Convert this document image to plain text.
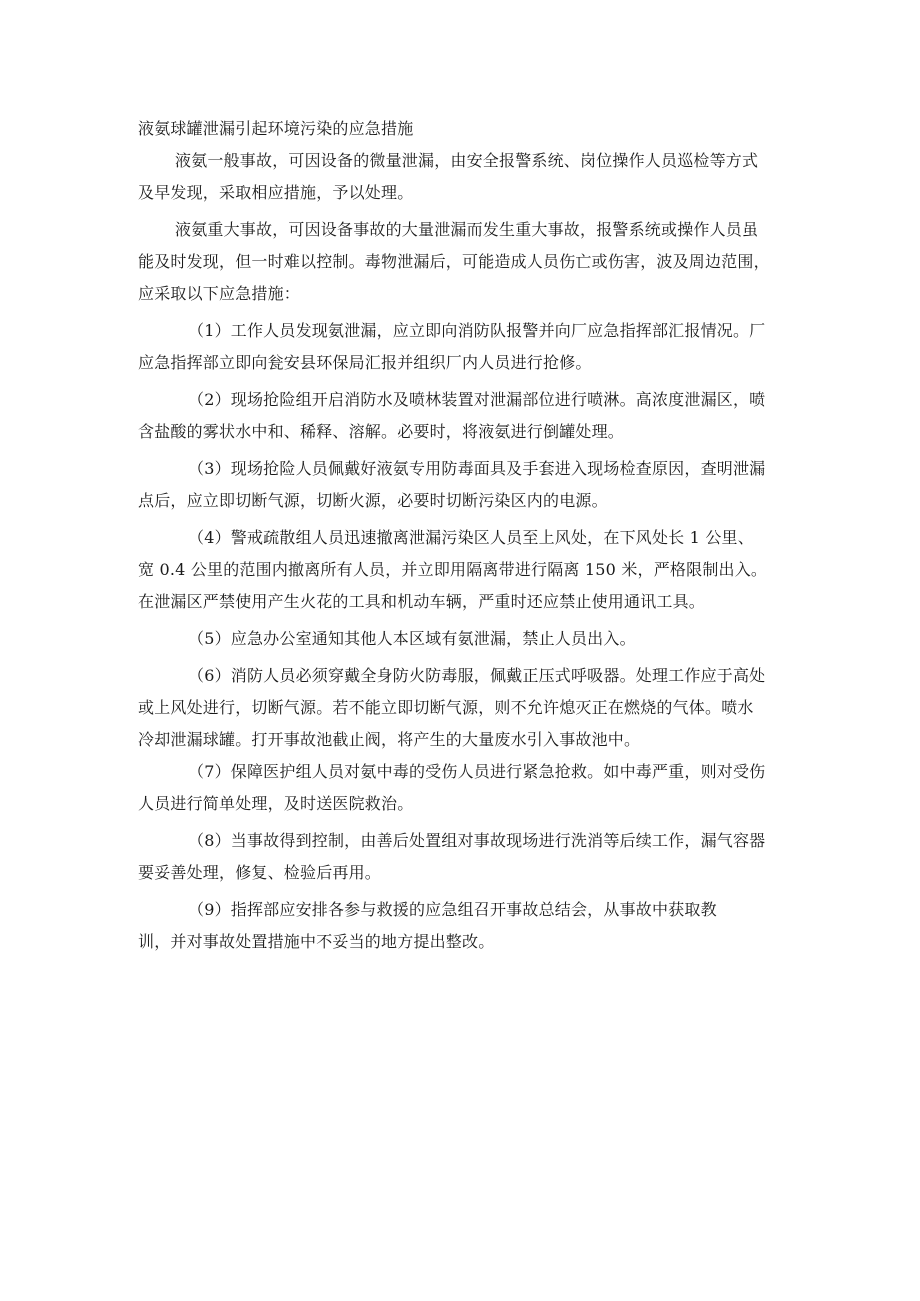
液氨球罐泄漏引起环境污染的应急措施
液氨一般事故，可因设备的微量泄漏，由安全报警系统、岗位操作人员巡检等方式
及早发现，采取相应措施，予以处理。
液氨重大事故，可因设备事故的大量泄漏而发生重大事故，报警系统或操作人员虽
能及时发现，但一时难以控制。毒物泄漏后，可能造成人员伤亡或伤害，波及周边范围，
应采取以下应急措施：
（1）工作人员发现氨泄漏，应立即向消防队报警并向厂应急指挥部汇报情况。厂
应急指挥部立即向瓮安县环保局汇报并组织厂内人员进行抢修。
（2）现场抢险组开启消防水及喷林装置对泄漏部位进行喷淋。高浓度泄漏区，喷
含盐酸的雾状水中和、稀释、溶解。必要时，将液氨进行倒罐处理。
（3）现场抢险人员佩戴好液氨专用防毒面具及手套进入现场检查原因，查明泄漏
点后，应立即切断气源，切断火源，必要时切断污染区内的电源。
（4）警戒疏散组人员迅速撤离泄漏污染区人员至上风处，在下风处长 1 公里、
宽 0.4 公里的范围内撤离所有人员，并立即用隔离带进行隔离 150 米，严格限制出入。
在泄漏区严禁使用产生火花的工具和机动车辆，严重时还应禁止使用通讯工具。
（5）应急办公室通知其他人本区域有氨泄漏，禁止人员出入。
（6）消防人员必须穿戴全身防火防毒服，佩戴正压式呼吸器。处理工作应于高处
或上风处进行，切断气源。若不能立即切断气源，则不允许熄灭正在燃烧的气体。喷水
冷却泄漏球罐。打开事故池截止阀，将产生的大量废水引入事故池中。
（7）保障医护组人员对氨中毒的受伤人员进行紧急抢救。如中毒严重，则对受伤
人员进行简单处理，及时送医院救治。
（8）当事故得到控制，由善后处置组对事故现场进行洗消等后续工作，漏气容器
要妥善处理，修复、检验后再用。
（9）指挥部应安排各参与救援的应急组召开事故总结会，从事故中获取教
训，并对事故处置措施中不妥当的地方提出整改。
